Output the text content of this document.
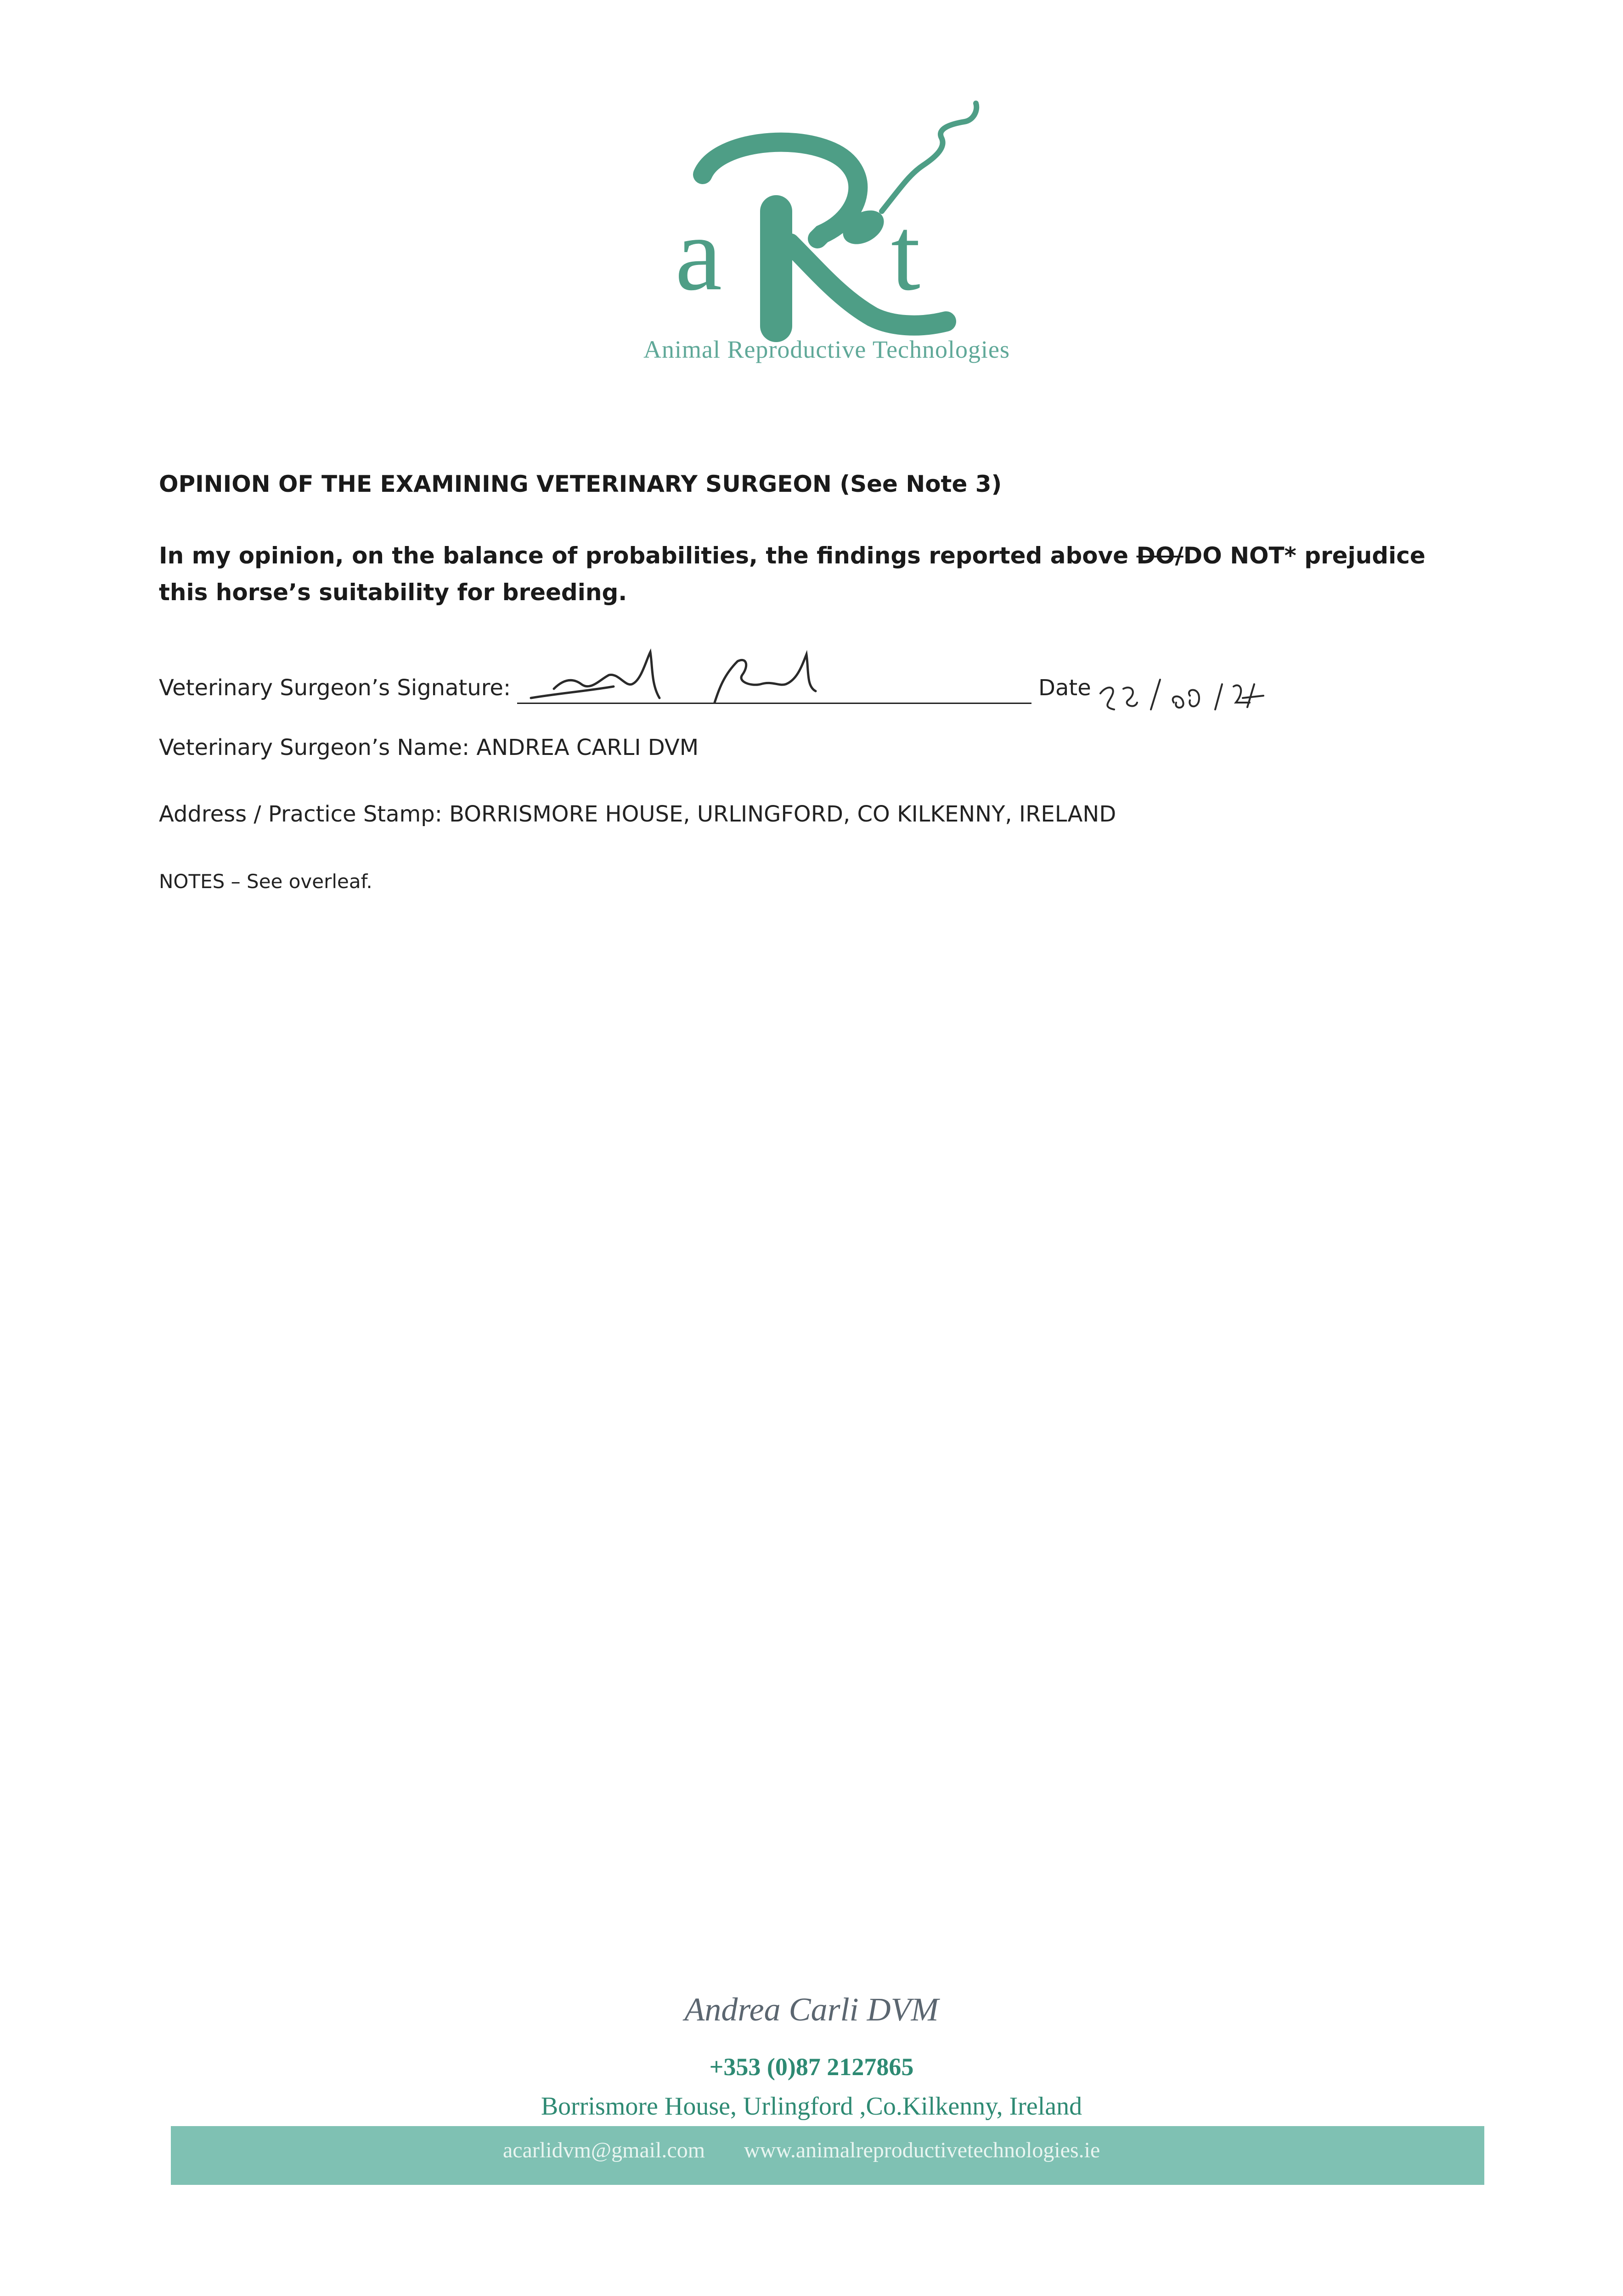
a t
Animal Reproductive Technologies
OPINION OF THE EXAMINING VETERINARY SURGEON (See Note 3)
In my opinion, on the balance of probabilities, the findings reported above DO/DO NOT* prejudice this horse’s suitability for breeding.
Veterinary Surgeon’s Signature:	Date
Veterinary Surgeon’s Name: ANDREA CARLI DVM
Address / Practice Stamp: BORRISMORE HOUSE, URLINGFORD, CO KILKENNY, IRELAND
NOTES – See overleaf.
Andrea Carli DVM
+353 (0)87 2127865
Borrismore House, Urlingford ,Co.Kilkenny, Ireland
acarlidvm@gmail.com www.animalreproductivetechnologies.ie
